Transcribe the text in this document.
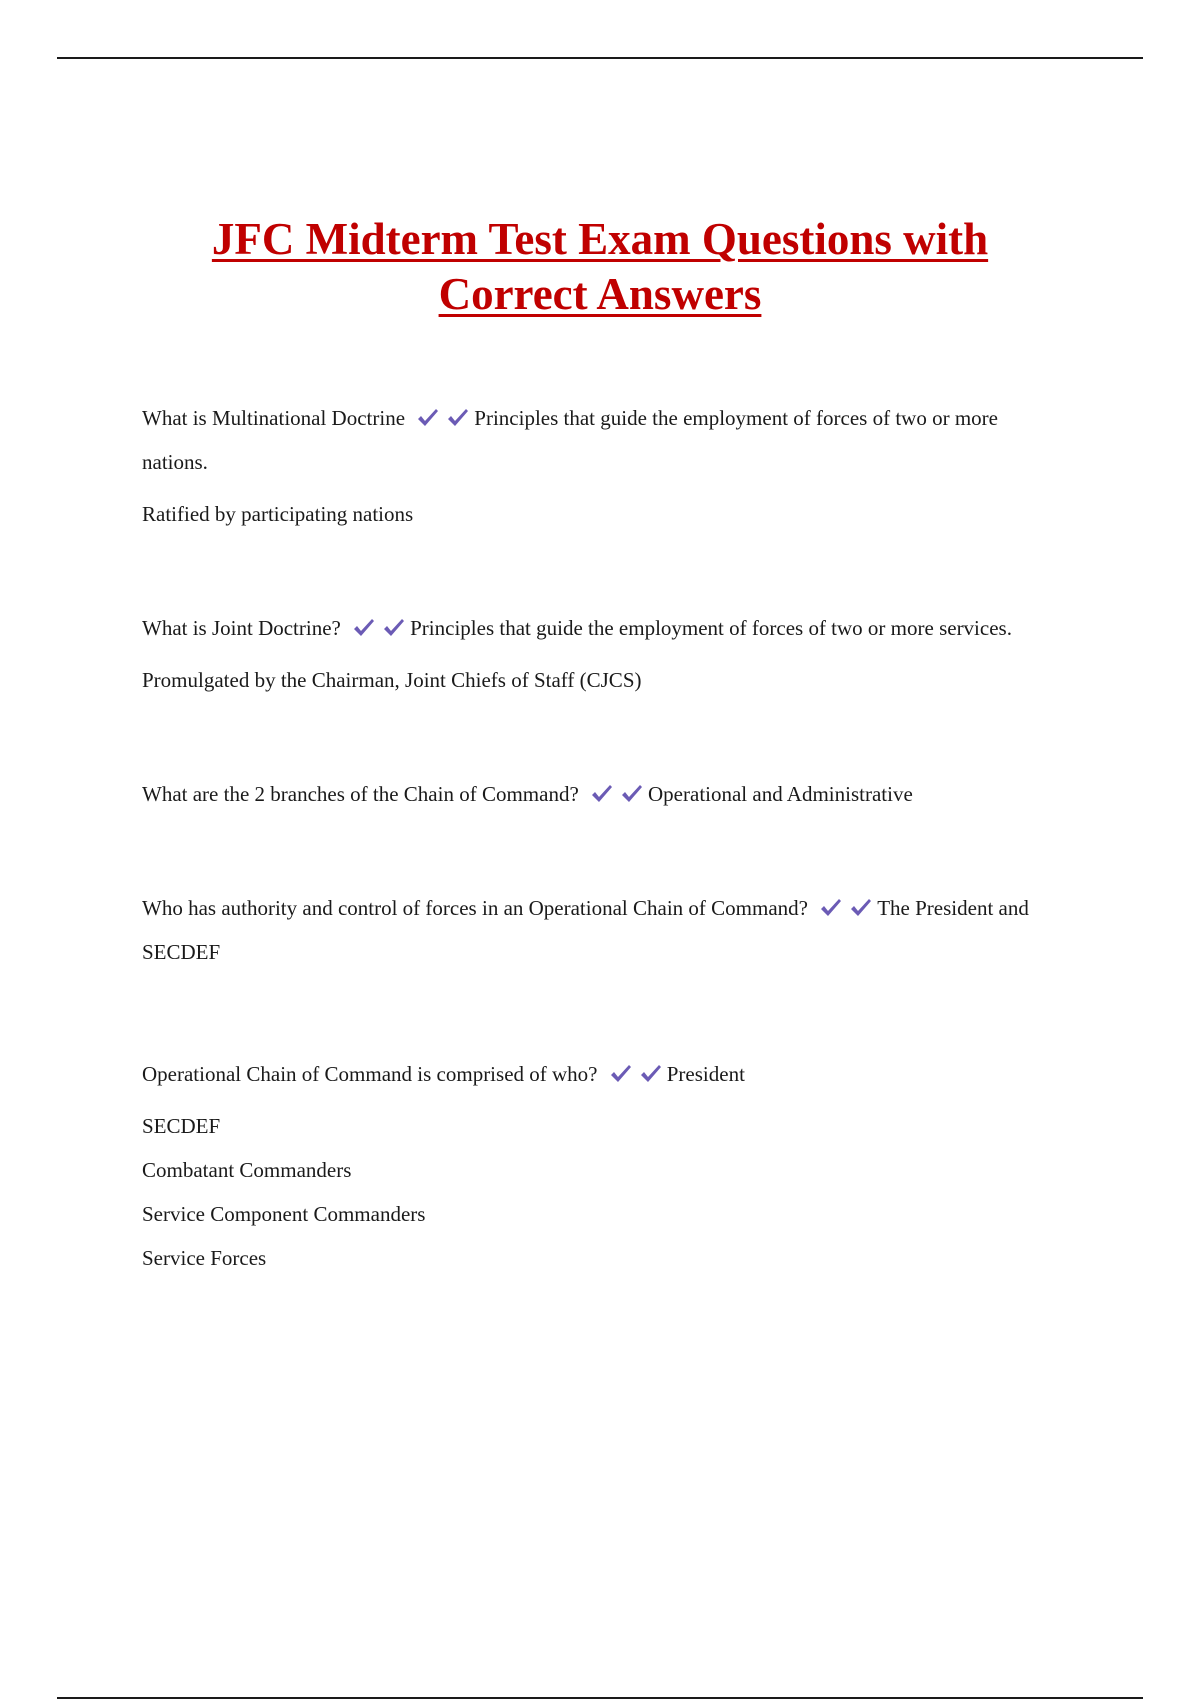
JFC Midterm Test Exam Questions with
Correct Answers

What is Multinational Doctrine	Principles that guide the employment of forces of two or more nations.

Ratified by participating nations

What is Joint Doctrine?	Principles that guide the employment of forces of two or more services.

Promulgated by the Chairman, Joint Chiefs of Staff (CJCS)

What are the 2 branches of the Chain of Command?	Operational and Administrative

Who has authority and control of forces in an Operational Chain of Command?	The President and SECDEF

Operational Chain of Command is comprised of who?	President

SECDEF

Combatant Commanders

Service Component Commanders

Service Forces
